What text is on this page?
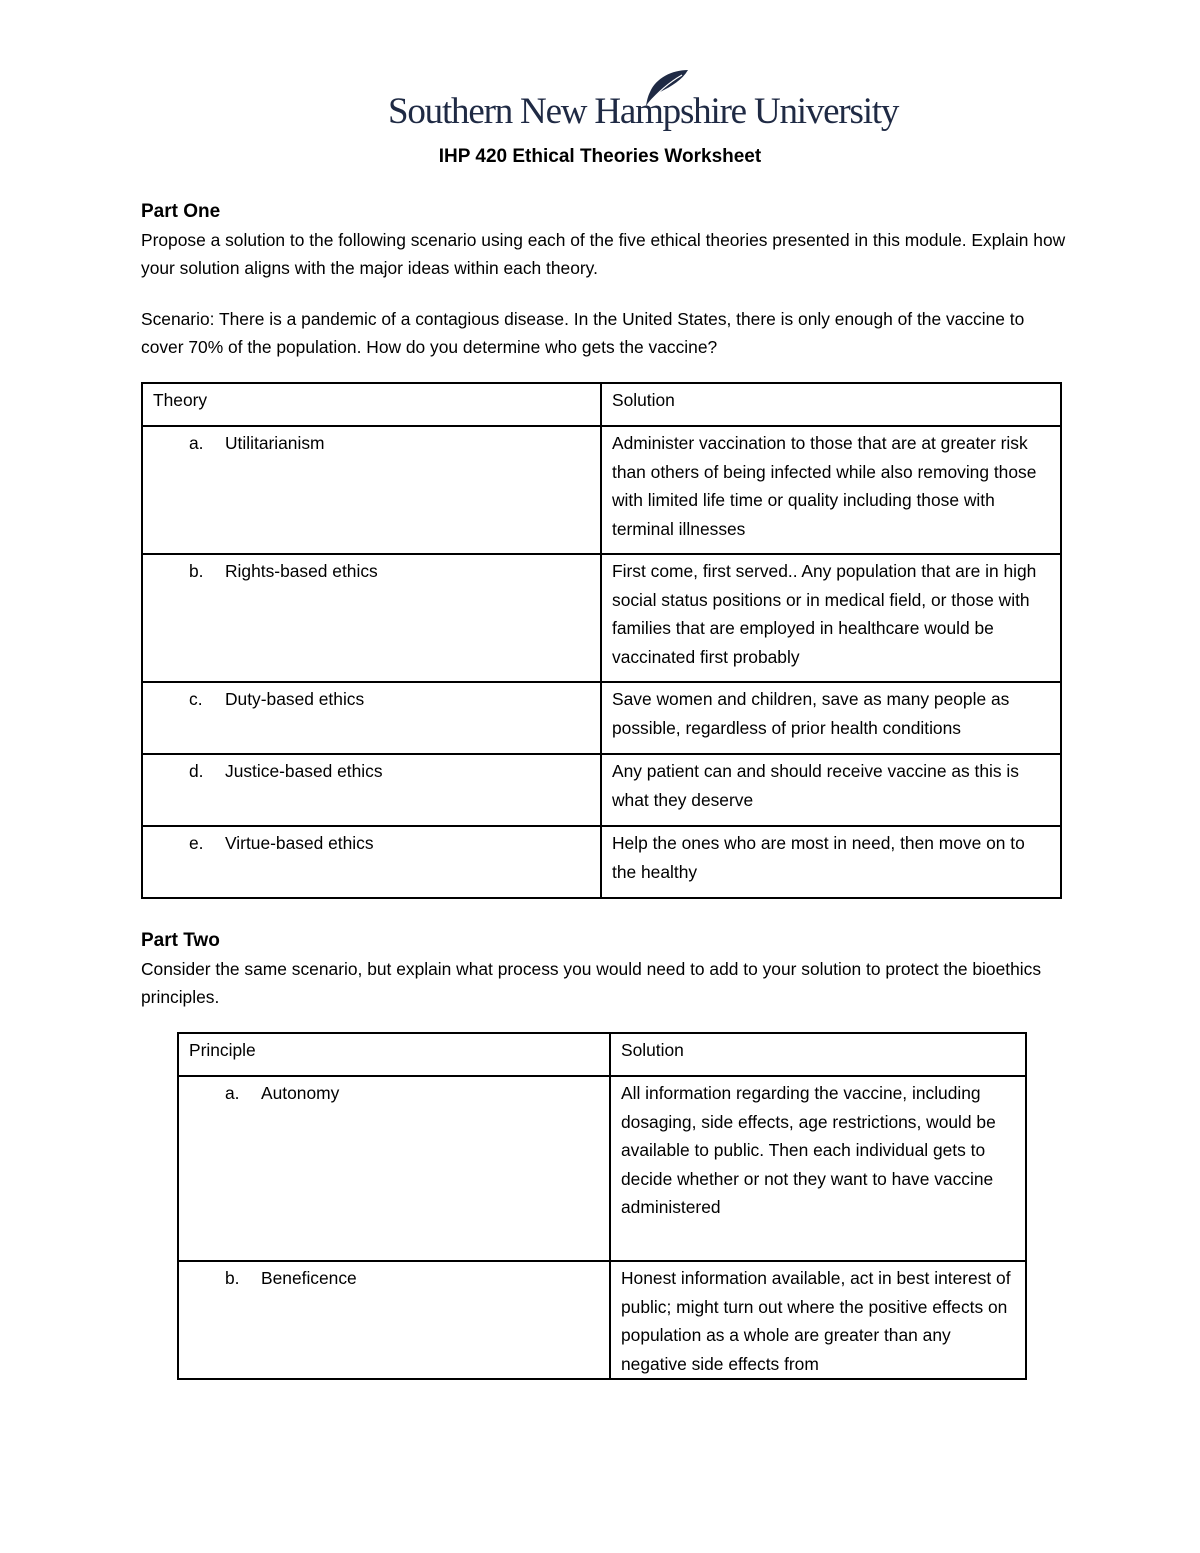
Southern New Hampshire University
IHP 420 Ethical Theories Worksheet
Part One
Propose a solution to the following scenario using each of the five ethical theories presented in this module. Explain how your solution aligns with the major ideas within each theory.
Scenario: There is a pandemic of a contagious disease. In the United States, there is only enough of the vaccine to cover 70% of the population. How do you determine who gets the vaccine?
Theory	Solution
a. Utilitarianism	Administer vaccination to those that are at greater risk than others of being infected while also removing those with limited life time or quality including those with terminal illnesses
b. Rights-based ethics	First come, first served.. Any population that are in high social status positions or in medical field, or those with families that are employed in healthcare would be vaccinated first probably
c. Duty-based ethics	Save women and children, save as many people as possible, regardless of prior health conditions
d. Justice-based ethics	Any patient can and should receive vaccine as this is what they deserve
e. Virtue-based ethics	Help the ones who are most in need, then move on to the healthy
Part Two
Consider the same scenario, but explain what process you would need to add to your solution to protect the bioethics principles.
Principle	Solution
a. Autonomy	All information regarding the vaccine, including dosaging, side effects, age restrictions, would be available to public. Then each individual gets to decide whether or not they want to have vaccine administered
b. Beneficence	Honest information available, act in best interest of public; might turn out where the positive effects on population as a whole are greater than any negative side effects from
